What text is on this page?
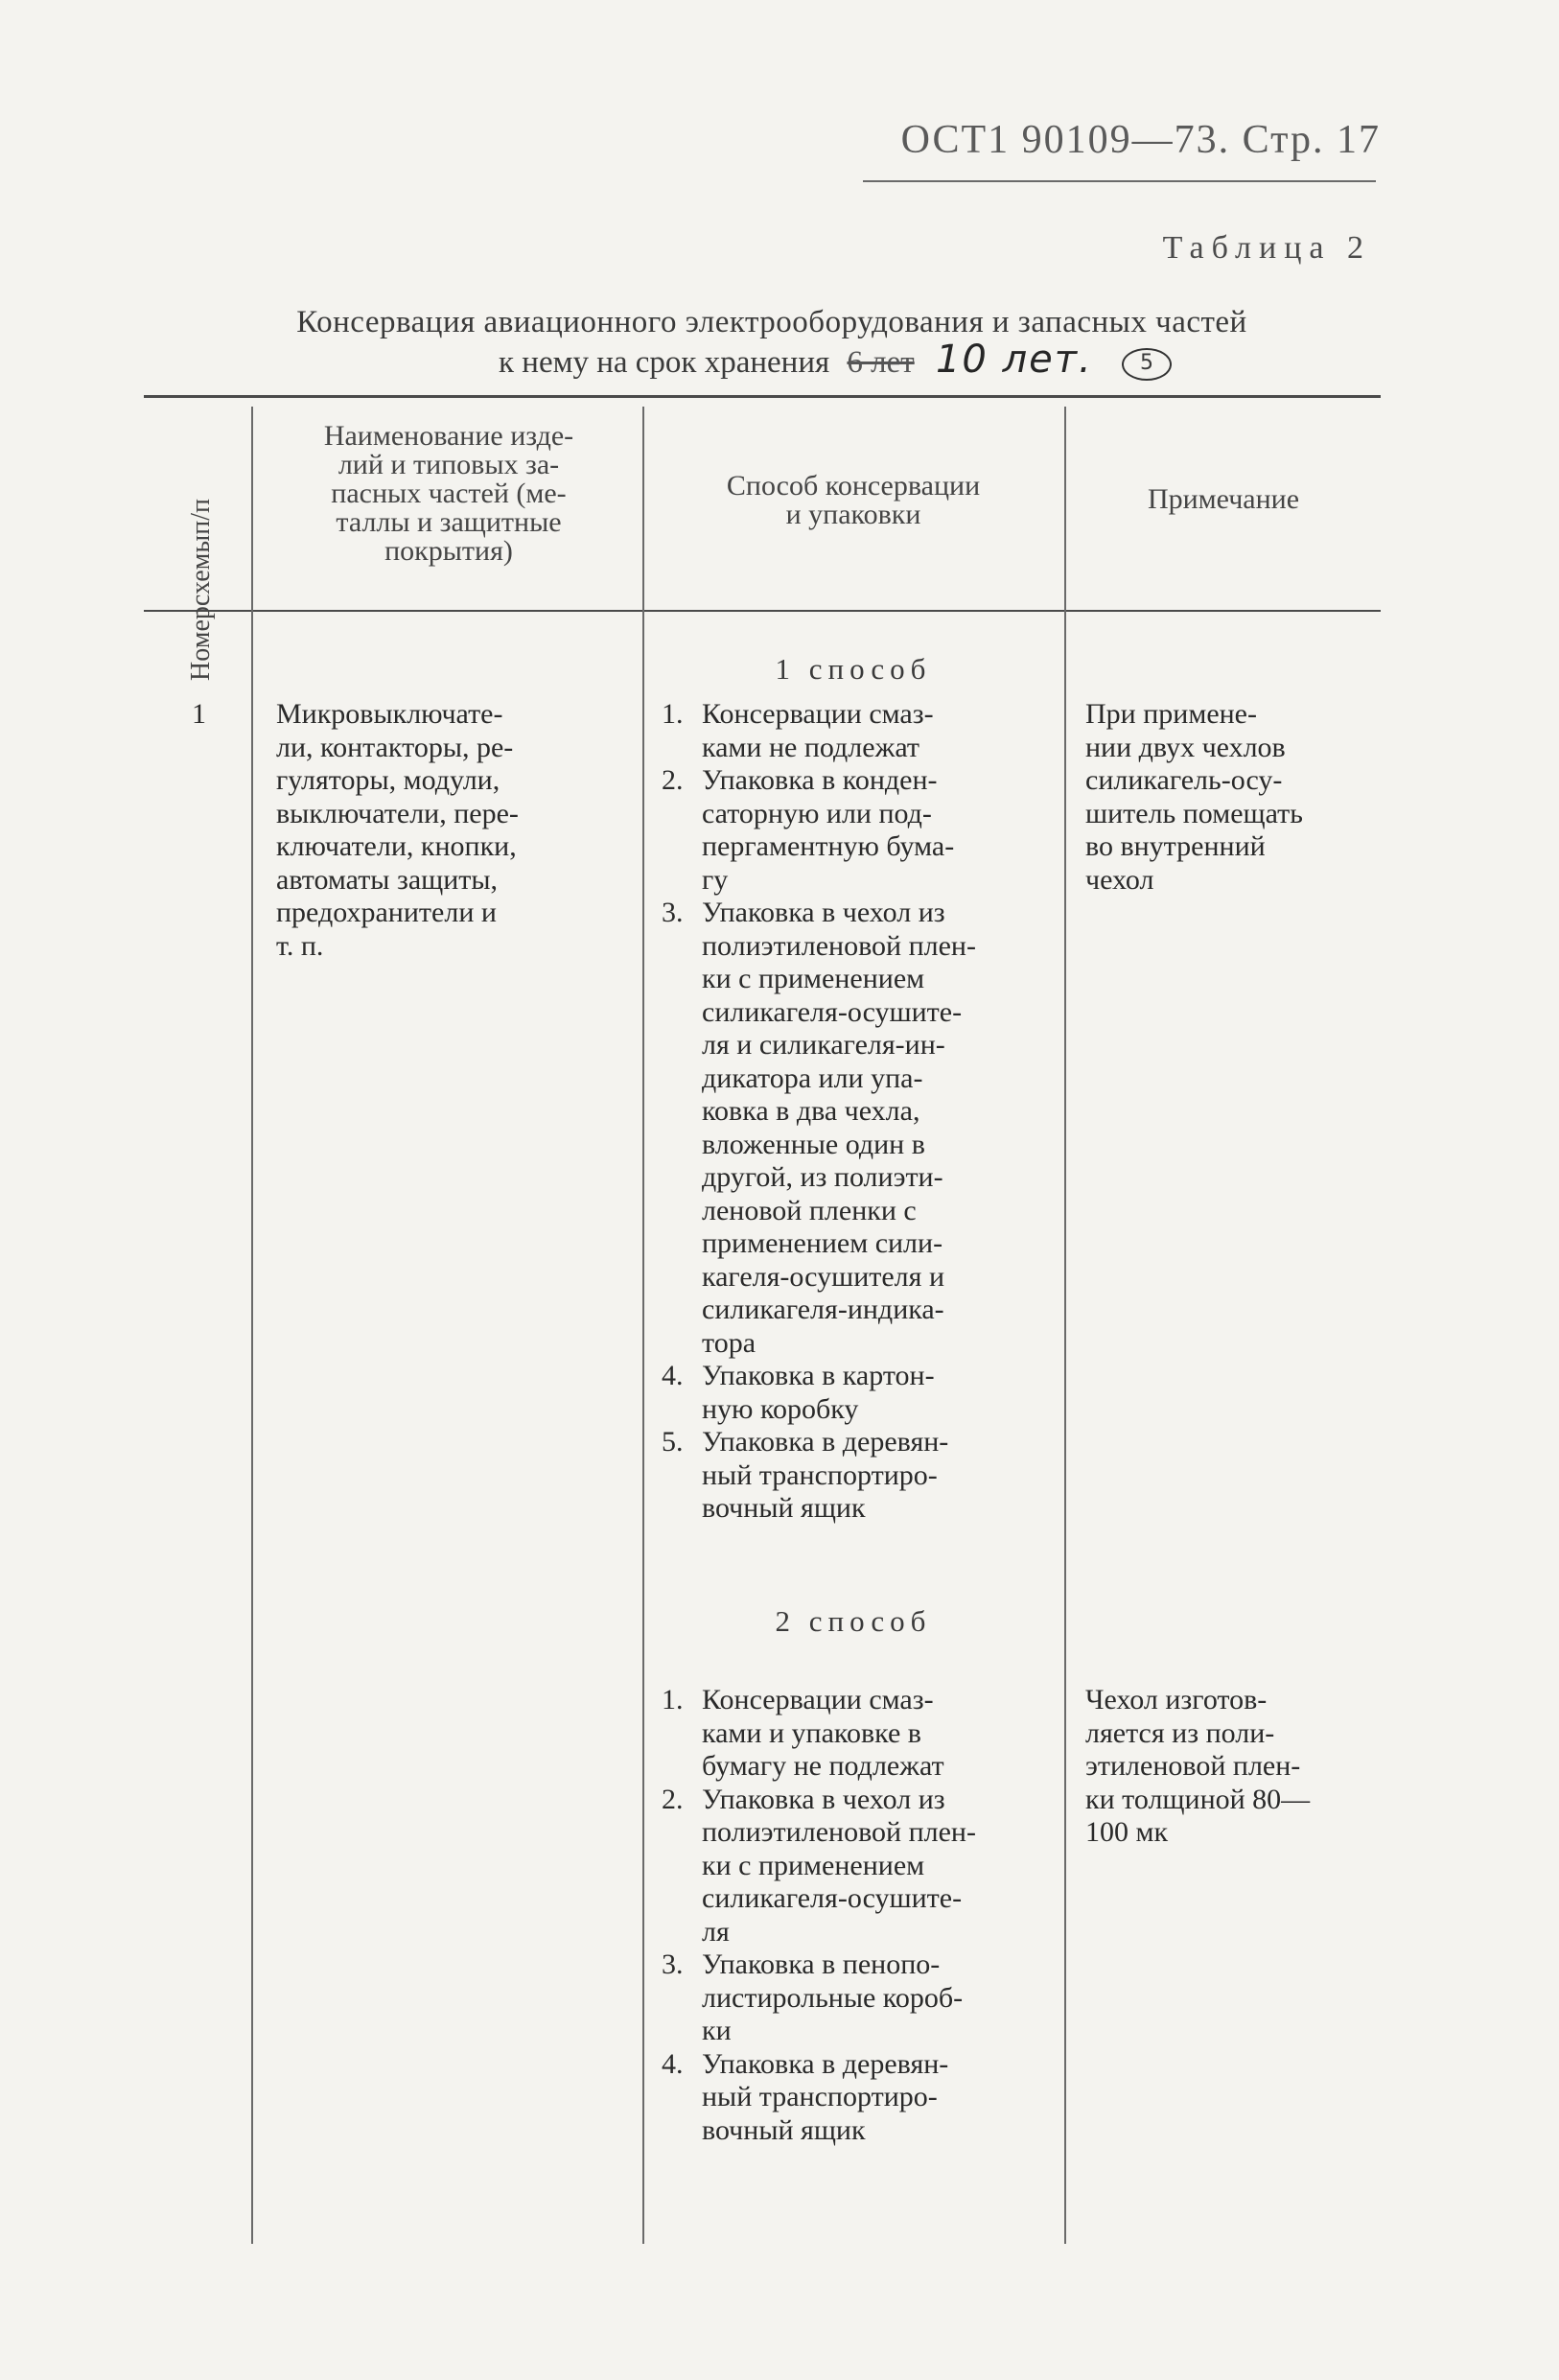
ОСТ1 90109—73. Стр. 17
Таблица 2
Консервация авиационного электрооборудования и запасных частей
к нему на срок хранения 6 лет 10 лет. 5
Номерсхемып/п
Наименование изде-
лий и типовых за-
пасных частей (ме-
таллы и защитные
покрытия)
Способ консервации
и упаковки	Примечание
1 Микровыключате-
ли, контакторы, ре-
гуляторы, модули,
выключатели, пере-
ключатели, кнопки,
автоматы защиты,
предохранители и
т. п.
1 способ
1. Консервации смаз-
ками не подлежат
2. Упаковка в конден-
саторную или под-
пергаментную бума-
гу
3. Упаковка в чехол из
полиэтиленовой плен-
ки с применением
силикагеля-осушите-
ля и силикагеля-ин-
дикатора или упа-
ковка в два чехла,
вложенные один в
другой, из полиэти-
леновой пленки с
применением сили-
кагеля-осушителя и
силикагеля-индика-
тора
4. Упаковка в картон-
ную коробку
5. Упаковка в деревян-
ный транспортиро-
вочный ящик
При примене-
нии двух чехлов
силикагель-осу-
шитель помещать
во внутренний
чехол
2 способ
1. Консервации смаз-
ками и упаковке в
бумагу не подлежат
2. Упаковка в чехол из
полиэтиленовой плен-
ки с применением
силикагеля-осушите-
ля
3. Упаковка в пенопо-
листирольные короб-
ки
4. Упаковка в деревян-
ный транспортиро-
вочный ящик
Чехол изготов-
ляется из поли-
этиленовой плен-
ки толщиной 80—
100 мк
